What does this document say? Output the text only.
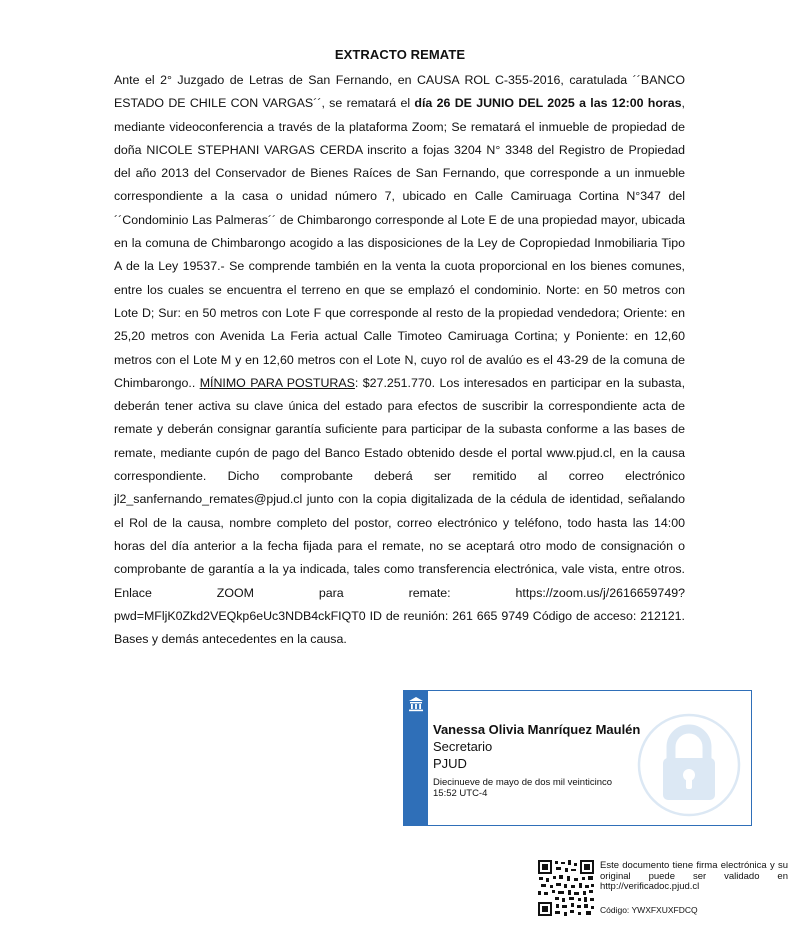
EXTRACTO REMATE
Ante el 2° Juzgado de Letras de San Fernando, en CAUSA ROL C-355-2016, caratulada ´´BANCO ESTADO DE CHILE CON VARGAS´´, se rematará el día 26 DE JUNIO DEL 2025 a las 12:00 horas, mediante videoconferencia a través de la plataforma Zoom; Se rematará el inmueble de propiedad de doña NICOLE STEPHANI VARGAS CERDA inscrito a fojas 3204 N° 3348 del Registro de Propiedad del año 2013 del Conservador de Bienes Raíces de San Fernando, que corresponde a un inmueble correspondiente a la casa o unidad número 7, ubicado en Calle Camiruaga Cortina N°347 del ´´Condominio Las Palmeras´´ de Chimbarongo corresponde al Lote E de una propiedad mayor, ubicada en la comuna de Chimbarongo acogido a las disposiciones de la Ley de Copropiedad Inmobiliaria Tipo A de la Ley 19537.- Se comprende también en la venta la cuota proporcional en los bienes comunes, entre los cuales se encuentra el terreno en que se emplazó el condominio. Norte: en 50 metros con Lote D; Sur: en 50 metros con Lote F que corresponde al resto de la propiedad vendedora; Oriente: en 25,20 metros con Avenida La Feria actual Calle Timoteo Camiruaga Cortina; y Poniente: en 12,60 metros con el Lote M y en 12,60 metros con el Lote N, cuyo rol de avalúo es el 43-29 de la comuna de Chimbarongo.. MÍNIMO PARA POSTURAS: $27.251.770. Los interesados en participar en la subasta, deberán tener activa su clave única del estado para efectos de suscribir la correspondiente acta de remate y deberán consignar garantía suficiente para participar de la subasta conforme a las bases de remate, mediante cupón de pago del Banco Estado obtenido desde el portal www.pjud.cl, en la causa correspondiente. Dicho comprobante deberá ser remitido al correo electrónico jl2_sanfernando_remates@pjud.cl junto con la copia digitalizada de la cédula de identidad, señalando el Rol de la causa, nombre completo del postor, correo electrónico y teléfono, todo hasta las 14:00 horas del día anterior a la fecha fijada para el remate, no se aceptará otro modo de consignación o comprobante de garantía a la ya indicada, tales como transferencia electrónica, vale vista, entre otros. Enlace ZOOM para remate: https://zoom.us/j/2616659749?pwd=MFljK0Zkd2VEQkp6eUc3NDB4ckFIQT0 ID de reunión: 261 665 9749 Código de acceso: 212121. Bases y demás antecedentes en la causa.
Vanessa Olivia Manríquez Maulén
Secretario
PJUD
Diecinueve de mayo de dos mil veinticinco
15:52 UTC-4
Este documento tiene firma electrónica y su original puede ser validado en http://verificadoc.pjud.cl
Código: YWXFXUXFDCQ
